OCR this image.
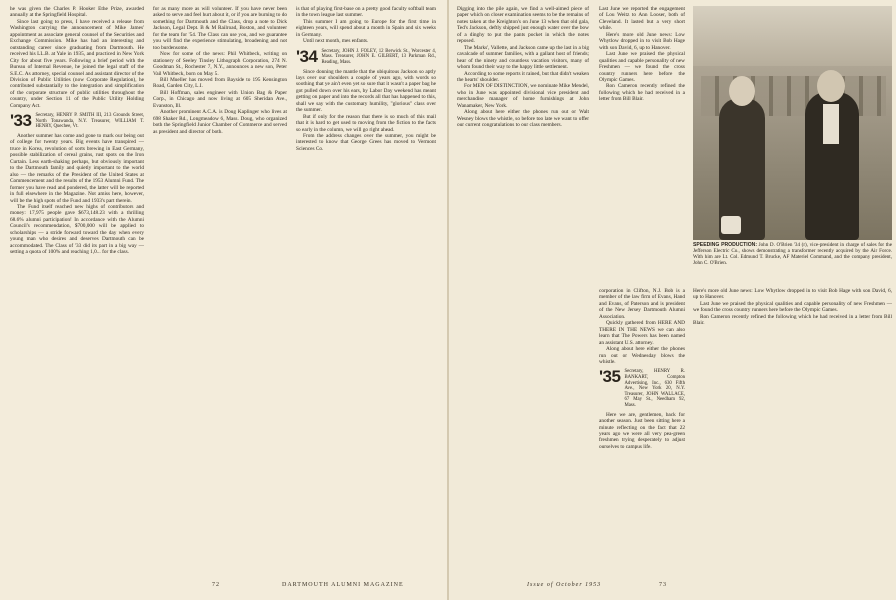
he was given the Charles P. Hooker Ethe Prize, awarded annually at the Springfield Hospital.

Since last going to press, I have received a release from Washington carrying the announcement of Mike James' appointment as associate general counsel of the Securities and Exchange Commission. Mike has had an interesting and outstanding career since graduating from Dartmouth. He received his LL.B. at Yale in 1935, and practiced in New York City for about five years. Following a brief period with the Bureau of Internal Revenue, he joined the legal staff of the S.E.C. As attorney, special counsel and assistant director of the Division of Public Utilities (now Corporate Regulation), he contributed substantially to the integration and simplification of the corporate structure of public utilities throughout the country, under Section 11 of the Public Utility Holding Company Act.

'33 Secretary, HENRY P. SMITH III, 213 Grounds Street, North Tonawanda, N.Y. Treasurer, WILLIAM T. HENRY, Quechee, Vt.

Another summer has come and gone to mark our being out of college for twenty years. Big events have transpired — truce in Korea, revolution of sorts brewing in East Germany, possible stabilization of cereal grains, rust spots on the Iron Curtain. Less earth-shaking perhaps, but obviously important to the Dartmouth family and quietly important to the world also — the remarks of the President of the United States at Commencement and the results of the 1953 Alumni Fund. The former you have read and pondered, the latter will be reported in full elsewhere in the Magazine. Not amiss here, however, will be the high spots of the Fund and 1933's part therein.

The Fund itself reached new highs of contributors and money: 17,975 people gave $673,148.23 with a thrilling 68.6% alumni participation! In accordance with the Alumni Council's recommendation, $700,000 will be applied to scholarships — a stride forward toward the day when every young man who desires and deserves Dartmouth can be accommodated. The Class of '33 did its part in a big way — setting a quota of 100% and reaching 1,0... for the class.

for as many more as will volunteer. If you have never been asked to serve and feel hurt about it, or if you are burning to do something for Dartmouth and the Class, drop a note to Dick Jackson, Legal Dept. B & M Railroad, Boston, and volunteer for the team for '54. The Class can use you, and we guarantee you will find the experience stimulating, broadening and not too burdensome.

Now for some of the news: Phil Whitbeck, writing on stationery of Seeley Tinsley Lithograph Corporation, 274 N. Goodman St., Rochester 7, N.Y., announces a new son, Peter Vail Whitbeck, born on May 5.

Bill Mueller has moved from Bayside to 195 Kensington Road, Garden City, L.I.

Bill Hoffman, sales engineer with Union Bag & Paper Corp., in Chicago and now living at 605 Sheridan Ave., Evanston, Ill.

Another prominent A.C.A. is Doug Kaplinger who lives at 698 Shaker Rd., Longmeadow 6, Mass. Doug, who organized both the Springfield Junior Chamber of Commerce and served as president and director of both.

is that of playing first-base on a pretty good faculty softball team in the town league last summer.

This summer I am going to Europe for the first time in eighteen years, will spend about a month in Spain and six weeks in Germany.

Until next month, mes enfants.

'34 Secretary, JOHN J. FOLEY, 12 Berwick St., Worcester 4, Mass. Treasurer, JOHN E. GILBERT, 13 Parkman Rd., Reading, Mass.

Since donning the mantle that the ubiquitous Jackson so aptly lays over our shoulders a couple of years ago, with words so soothing that ye ain't even yet so sure that it wasn't a paper bag he got pulled down over his ears, by Labor Day weekend has meant getting on paper and into the records all that has happened to this, shall we say with the customary humility, "glorious" class over the summer.

But if only for the reason that there is so much of this mail that it is hard to get used to moving from the fiction to the facts so early in the column, we will go right ahead.

From the address changes over the summer, you might be interested to know that George Grees has moved to Vermont Sciences Co.

72	DARTMOUTH ALUMNI MAGAZINE

Digging into the pile again, we find a well-aimed piece of paper which on closer examination seems to be the remains of notes taken at the Kreighton's on June 13 when that old gala, Ted's Jackson, deftly shipped just enough water over the bow of a dinghy to put the pants pocket in which the notes reposed.

The Marks', Vallette, and Jackson came up the last in a big cavalcade of summer families, with a gallant host of friends; hear of the ninety and countless vacation visitors, many of whom found their way to the happy little settlement.

According to some reports it rained, but that didn't weaken the hearts' shoulder.

For MEN OF DISTINCTION, we nominate Mike Mendel, who in June was appointed divisional vice president and merchandise manager of home furnishings at John Wanamaker, New York.

Along about here either the phones run out or Walt Wesney blows the whistle, so before too late we want to offer our current congratulations to our class members.

Last June we reported the engagement of Lou Weitz to Ann Looser, both of Cleveland. It lasted but a very short while.

Here's more old June news: Low Whytlow dropped in to visit Bob Hage with son David, 6, up to Hanover.

Last June we praised the physical qualities and capable personality of new Freshmen — we found the cross country runners here before the Olympic Games.

Ron Cameron recently refined the following which he had received in a letter from Bill Blair.

SPEEDING PRODUCTION: John D. O'Brien '34 (r), vice-president in charge of sales for the Jefferson Electric Co., shows demonstrating a transformer recently acquired by the Air Force. With him are Lt. Col. Edmund T. Brucke, AF Materiel Command, and the company president, John C. O'Brien.

corporation in Clifton, N.J. Bob is a member of the law firm of Evans, Hand and Evans, of Paterson and is president of the New Jersey Dartmouth Alumni Association.

Quickly gathered from HERE AND THERE IN THE NEWS we can also learn that The Powers has been named an assistant U.S. attorney.

Along about here either the phones run out or Wednesday blows the whistle.

'35 Secretary, HENRY R. BANKART, Compton Advertising, Inc., 630 Fifth Ave., New York 20, N.Y. Treasurer, JOHN WALLACE, 67 May St., Needham 92, Mass.

Here we are, gentlemen, back for another season. Just been sitting here a minute reflecting on the fact that 22 years ago we were all very pea-green freshmen trying desperately to adjust ourselves to campus life.

Here's more old June news: Low Whytlow dropped in to visit Bob Hage with son David, 6, up to Hanover.

Last June we praised the physical qualities and capable personality of new Freshmen — we found the cross country runners here before the Olympic Games.

Ron Cameron recently refined the following which he had received in a letter from Bill Blair.

Issue of October 1953	73
